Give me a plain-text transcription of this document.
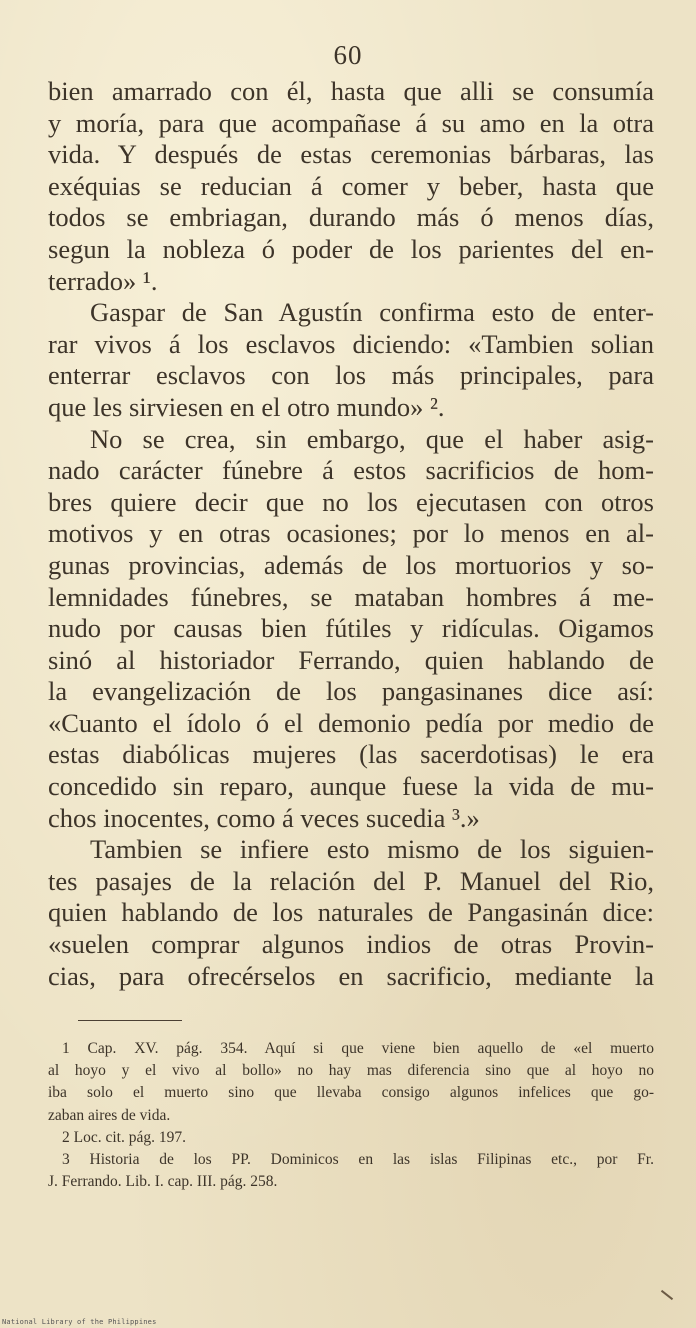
60
bien amarrado con él, hasta que alli se consumía
y moría, para que acompañase á su amo en la otra
vida. Y después de estas ceremonias bárbaras, las
exéquias se reducian á comer y beber, hasta que
todos se embriagan, durando más ó menos días,
segun la nobleza ó poder de los parientes del en-
terrado» ¹.
Gaspar de San Agustín confirma esto de enter-
rar vivos á los esclavos diciendo: «Tambien solian
enterrar esclavos con los más principales, para
que les sirviesen en el otro mundo» ².
No se crea, sin embargo, que el haber asig-
nado carácter fúnebre á estos sacrificios de hom-
bres quiere decir que no los ejecutasen con otros
motivos y en otras ocasiones; por lo menos en al-
gunas provincias, además de los mortuorios y so-
lemnidades fúnebres, se mataban hombres á me-
nudo por causas bien fútiles y ridículas. Oigamos
sinó al historiador Ferrando, quien hablando de
la evangelización de los pangasinanes dice así:
«Cuanto el ídolo ó el demonio pedía por medio de
estas diabólicas mujeres (las sacerdotisas) le era
concedido sin reparo, aunque fuese la vida de mu-
chos inocentes, como á veces sucedia ³.»
Tambien se infiere esto mismo de los siguien-
tes pasajes de la relación del P. Manuel del Rio,
quien hablando de los naturales de Pangasinán dice:
«suelen comprar algunos indios de otras Provin-
cias, para ofrecérselos en sacrificio, mediante la
1 Cap. XV. pág. 354. Aquí si que viene bien aquello de «el muerto
al hoyo y el vivo al bollo» no hay mas diferencia sino que al hoyo no
iba solo el muerto sino que llevaba consigo algunos infelices que go-
zaban aires de vida.
2 Loc. cit. pág. 197.
3 Historia de los PP. Dominicos en las islas Filipinas etc., por Fr.
J. Ferrando. Lib. I. cap. III. pág. 258.
National Library of the Philippines
